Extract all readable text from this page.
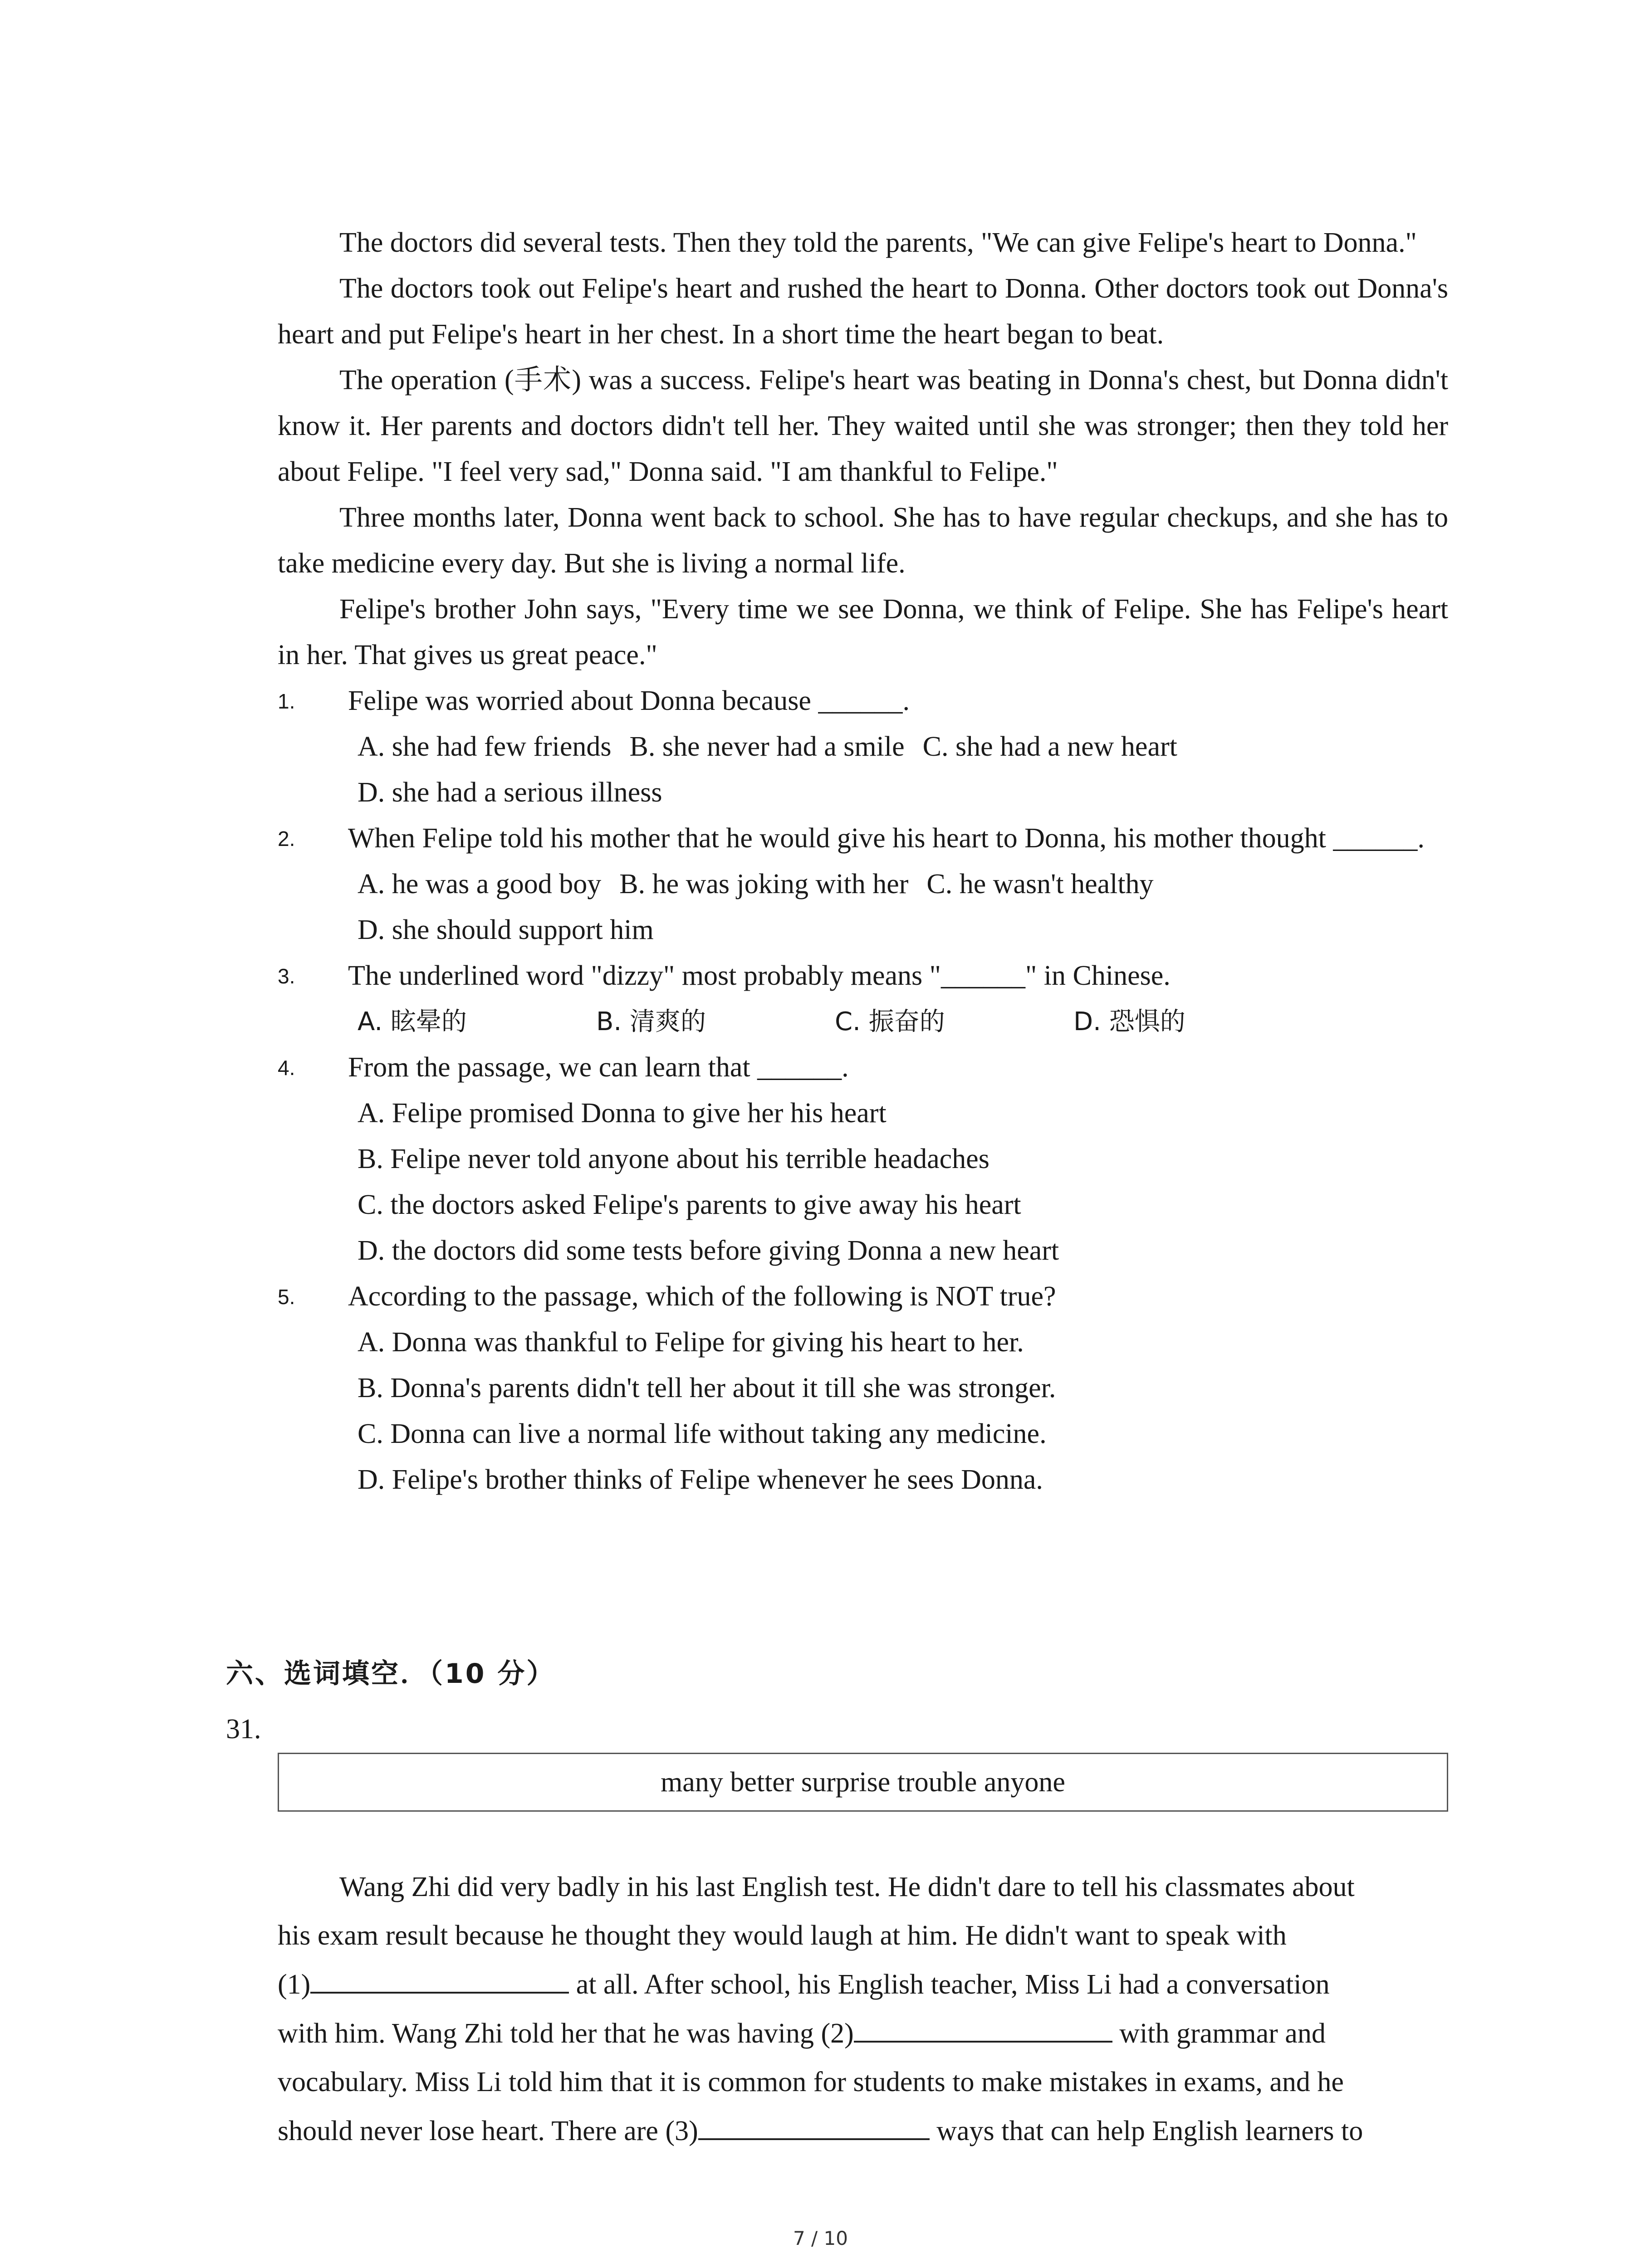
The doctors did several tests. Then they told the parents, "We can give Felipe's heart to Donna."

The doctors took out Felipe's heart and rushed the heart to Donna. Other doctors took out Donna's heart and put Felipe's heart in her chest. In a short time the heart began to beat.

The operation (手术) was a success. Felipe's heart was beating in Donna's chest, but Donna didn't know it. Her parents and doctors didn't tell her. They waited until she was stronger; then they told her about Felipe. "I feel very sad," Donna said. "I am thankful to Felipe."

Three months later, Donna went back to school. She has to have regular checkups, and she has to take medicine every day. But she is living a normal life.

Felipe's brother John says, "Every time we see Donna, we think of Felipe. She has Felipe's heart in her. That gives us great peace."

1. Felipe was worried about Donna because ______.
A. she had few friends B. she never had a smile C. she had a new heart
D. she had a serious illness
2. When Felipe told his mother that he would give his heart to Donna, his mother thought ______.
A. he was a good boy B. he was joking with her C. he wasn't healthy
D. she should support him
3. The underlined word "dizzy" most probably means "______" in Chinese.
A. 眩晕的	B. 清爽的	C. 振奋的	D. 恐惧的
4. From the passage, we can learn that ______.
A. Felipe promised Donna to give her his heart
B. Felipe never told anyone about his terrible headaches
C. the doctors asked Felipe's parents to give away his heart
D. the doctors did some tests before giving Donna a new heart
5. According to the passage, which of the following is NOT true?
A. Donna was thankful to Felipe for giving his heart to her.
B. Donna's parents didn't tell her about it till she was stronger.
C. Donna can live a normal life without taking any medicine.
D. Felipe's brother thinks of Felipe whenever he sees Donna.
六、选词填空．（10 分）
31.
many better surprise trouble anyone

Wang Zhi did very badly in his last English test. He didn't dare to tell his classmates about

his exam result because he thought they would laugh at him. He didn't want to speak with

(1)	at all. After school, his English teacher, Miss Li had a conversation

with him. Wang Zhi told her that he was having (2)	with grammar and

vocabulary. Miss Li told him that it is common for students to make mistakes in exams, and he

should never lose heart. There are (3)	ways that can help English learners to

7 / 10
